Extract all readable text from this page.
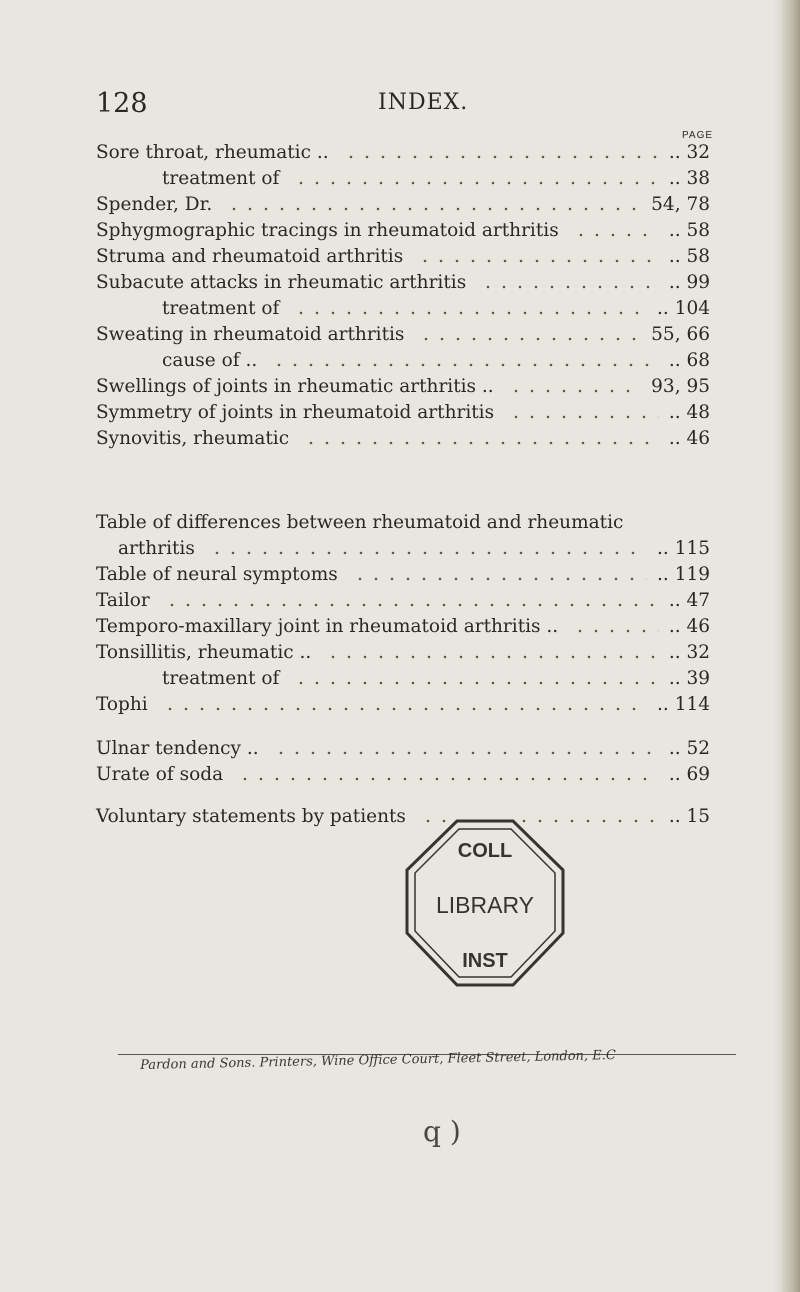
128	INDEX.
PAGE
Sore throat, rheumatic ..	.. 32
treatment of	.. 38
Spender, Dr.	54, 78
Sphygmographic tracings in rheumatoid arthritis	.. 58
Struma and rheumatoid arthritis	.. 58
Subacute attacks in rheumatic arthritis	.. 99
treatment of	.. 104
Sweating in rheumatoid arthritis	55, 66
cause of ..	.. 68
Swellings of joints in rheumatic arthritis ..	93, 95
Symmetry of joints in rheumatoid arthritis	.. 48
Synovitis, rheumatic	.. 46
Table of differences between rheumatoid and rheumatic
arthritis	.. 115
Table of neural symptoms	.. 119
Tailor	.. 47
Temporo-maxillary joint in rheumatoid arthritis ..	.. 46
Tonsillitis, rheumatic ..	.. 32
treatment of	.. 39
Tophi	.. 114
Ulnar tendency ..	.. 52
Urate of soda	.. 69
Voluntary statements by patients	.. 15
COLL
LIBRARY
INST
Pardon and Sons. Printers, Wine Office Court, Fleet Street, London, E.C
q )
